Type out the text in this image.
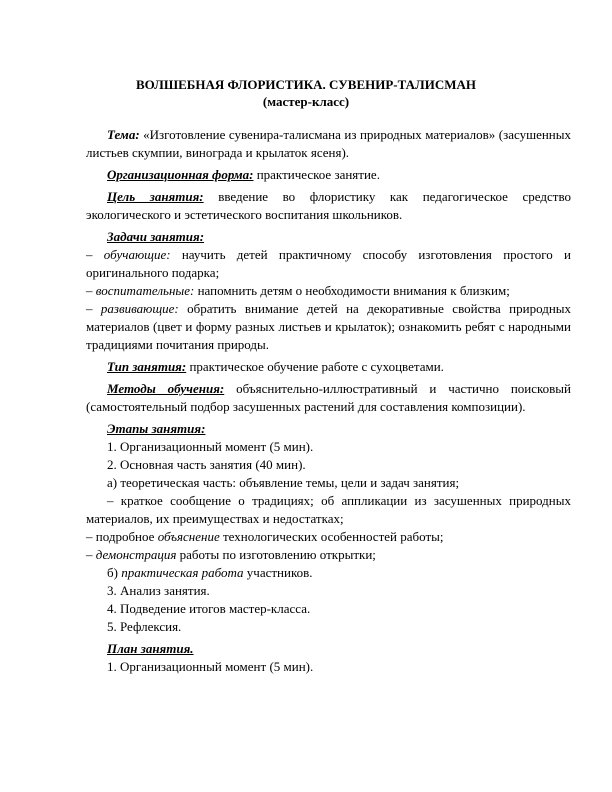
ВОЛШЕБНАЯ ФЛОРИСТИКА. СУВЕНИР-ТАЛИСМАН
(мастер-класс)

Тема: «Изготовление сувенира-талисмана из природных материалов» (засушенных листьев скумпии, винограда и крылаток ясеня).

Организационная форма: практическое занятие.

Цель занятия: введение во флористику как педагогическое средство экологического и эстетического воспитания школьников.

Задачи занятия:

– обучающие: научить детей практичному способу изготовления простого и оригинального подарка;

– воспитательные: напомнить детям о необходимости внимания к близким;

– развивающие: обратить внимание детей на декоративные свойства природных материалов (цвет и форму разных листьев и крылаток); ознакомить ребят с народными традициями почитания природы.

Тип занятия: практическое обучение работе с сухоцветами.

Методы обучения: объяснительно-иллюстративный и частично поисковый (самостоятельный подбор засушенных растений для составления композиции).

Этапы занятия:

1. Организационный момент (5 мин).

2. Основная часть занятия (40 мин).

а) теоретическая часть: объявление темы, цели и задач занятия;

– краткое сообщение о традициях; об аппликации из засушенных природных материалов, их преимуществах и недостатках;

– подробное объяснение технологических особенностей работы;

– демонстрация работы по изготовлению открытки;

б) практическая работа участников.

3. Анализ занятия.

4. Подведение итогов мастер-класса.

5. Рефлексия.

План занятия.

1. Организационный момент (5 мин).
